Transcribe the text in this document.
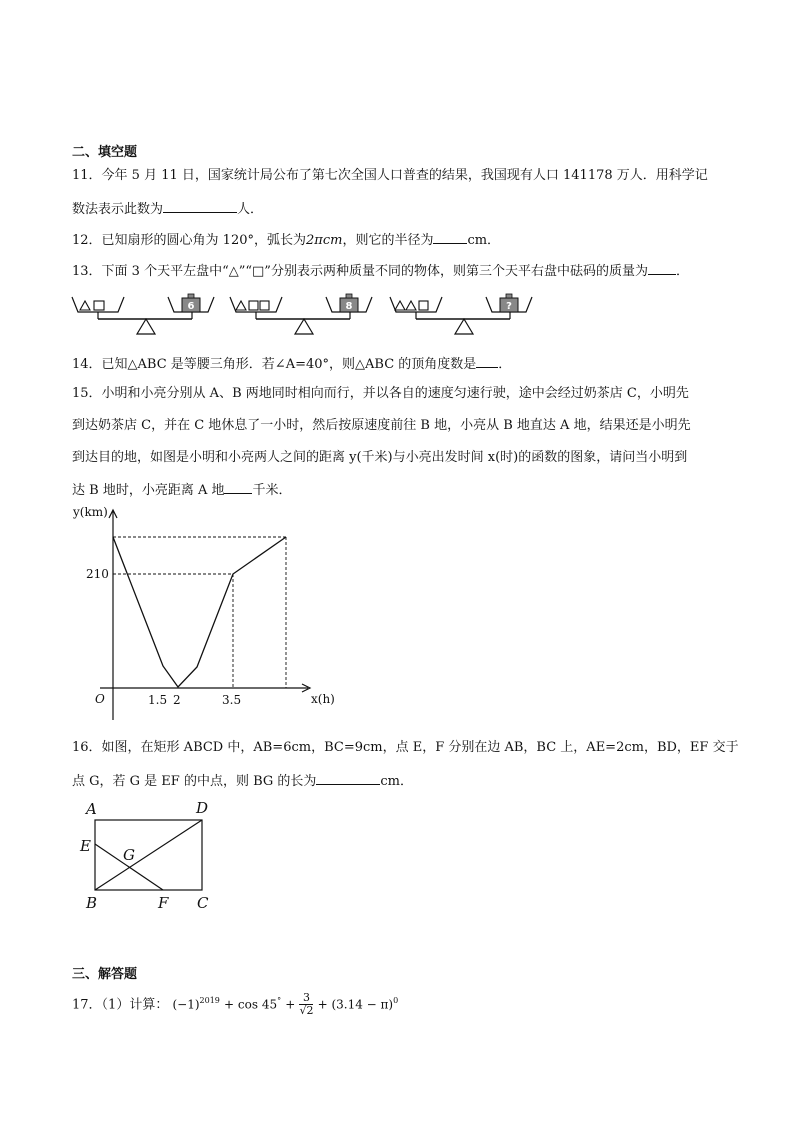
二、填空题
11．今年 5 月 11 日，国家统计局公布了第七次全国人口普查的结果，我国现有人口 141178 万人．用科学记
数法表示此数为	人．
12．已知扇形的圆心角为 120°，弧长为2πcm，则它的半径为	cm．
13．下面 3 个天平左盘中“△”“□”分别表示两种质量不同的物体，则第三个天平右盘中砝码的质量为 ．
6	8	?
14．已知△ABC 是等腰三角形．若∠A=40°，则△ABC 的顶角度数是 ．
15．小明和小亮分别从 A、B 两地同时相向而行，并以各自的速度匀速行驶，途中会经过奶茶店 C，小明先
到达奶茶店 C，并在 C 地休息了一小时，然后按原速度前往 B 地，小亮从 B 地直达 A 地，结果还是小明先
到达目的地，如图是小明和小亮两人之间的距离 y(千米)与小亮出发时间 x(时)的函数的图象，请问当小明到
达 B 地时，小亮距离 A 地 千米．
y(km)
x(h)
O
210
1.5 2	3.5
16．如图，在矩形 ABCD 中，AB=6cm，BC=9cm，点 E，F 分别在边 AB，BC 上，AE=2cm，BD，EF 交于
点 G，若 G 是 EF 的中点，则 BG 的长为	cm．
A	D
E G
B	F C
三、解答题
17．（1）计算： $(-1)^{2019} + \cos 45^\circ + \frac{3}{√2} + (3.14 - \pi)^0$
